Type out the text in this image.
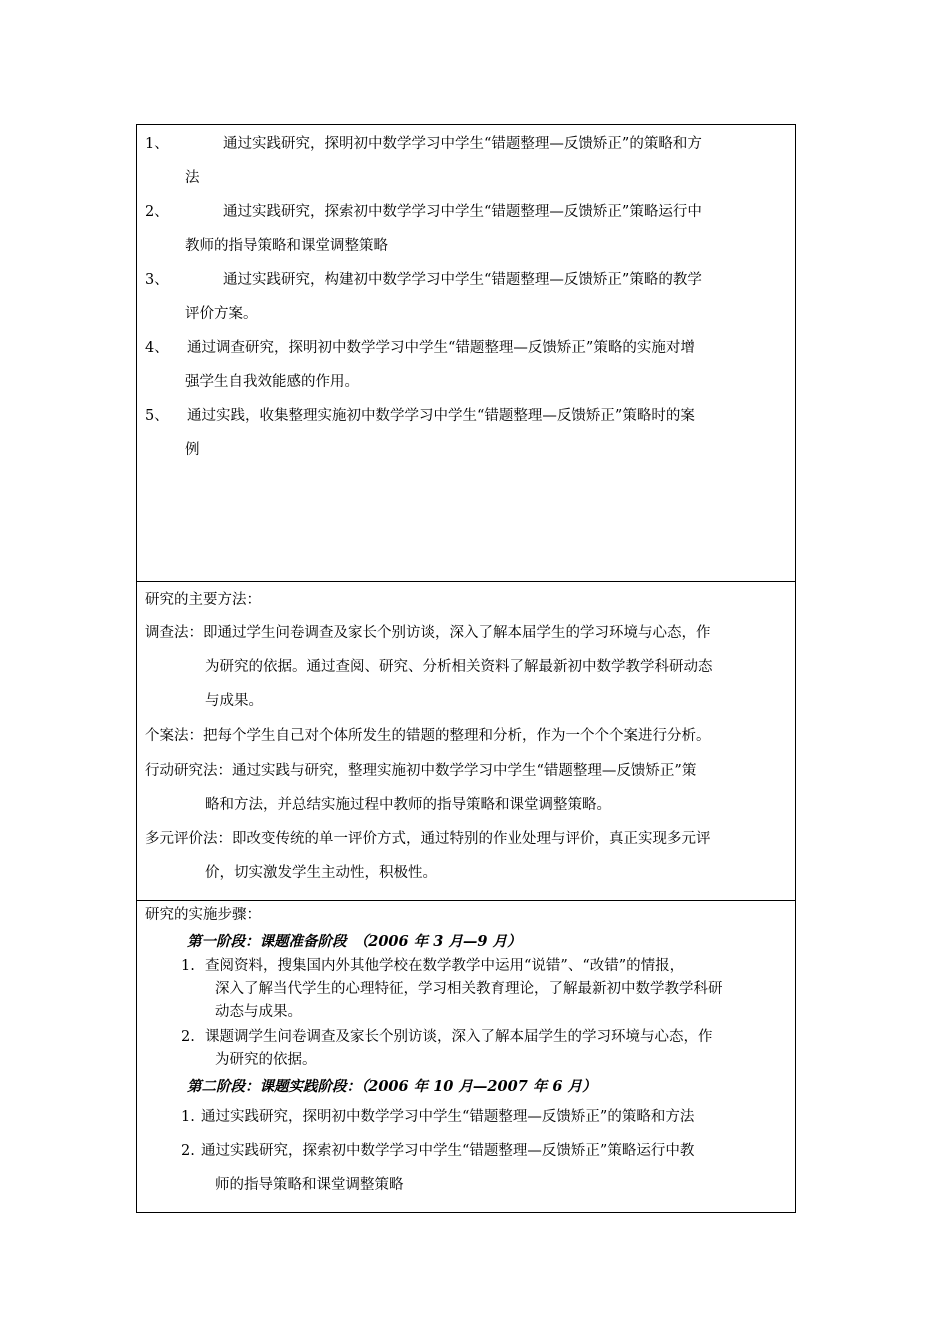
1、	通过实践研究，探明初中数学学习中学生“错题整理—反馈矫正”的策略和方
法
2、	通过实践研究，探索初中数学学习中学生“错题整理—反馈矫正”策略运行中
教师的指导策略和课堂调整策略
3、	通过实践研究，构建初中数学学习中学生“错题整理—反馈矫正”策略的教学
评价方案。
4、	通过调查研究，探明初中数学学习中学生“错题整理—反馈矫正”策略的实施对增
强学生自我效能感的作用。
5、	通过实践，收集整理实施初中数学学习中学生“错题整理—反馈矫正”策略时的案
例

研究的主要方法：
调查法：即通过学生问卷调查及家长个别访谈，深入了解本届学生的学习环境与心态，作
为研究的依据。通过查阅、研究、分析相关资料了解最新初中数学教学科研动态
与成果。
个案法：把每个学生自己对个体所发生的错题的整理和分析，作为一个个个案进行分析。
行动研究法：通过实践与研究，整理实施初中数学学习中学生“错题整理—反馈矫正”策
略和方法，并总结实施过程中教师的指导策略和课堂调整策略。
多元评价法：即改变传统的单一评价方式，通过特别的作业处理与评价，真正实现多元评
价，切实激发学生主动性，积极性。

研究的实施步骤：
第一阶段：课题准备阶段　（2006 年 3 月—9 月）
1. 查阅资料，搜集国内外其他学校在数学教学中运用“说错”、“改错”的情报，
深入了解当代学生的心理特征，学习相关教育理论，了解最新初中数学教学科研
动态与成果。
2. 课题调学生问卷调查及家长个别访谈，深入了解本届学生的学习环境与心态，作
为研究的依据。
第二阶段：课题实践阶段：（2006 年 10 月—2007 年 6 月）
1. 通过实践研究，探明初中数学学习中学生“错题整理—反馈矫正”的策略和方法
2. 通过实践研究，探索初中数学学习中学生“错题整理—反馈矫正”策略运行中教
师的指导策略和课堂调整策略
